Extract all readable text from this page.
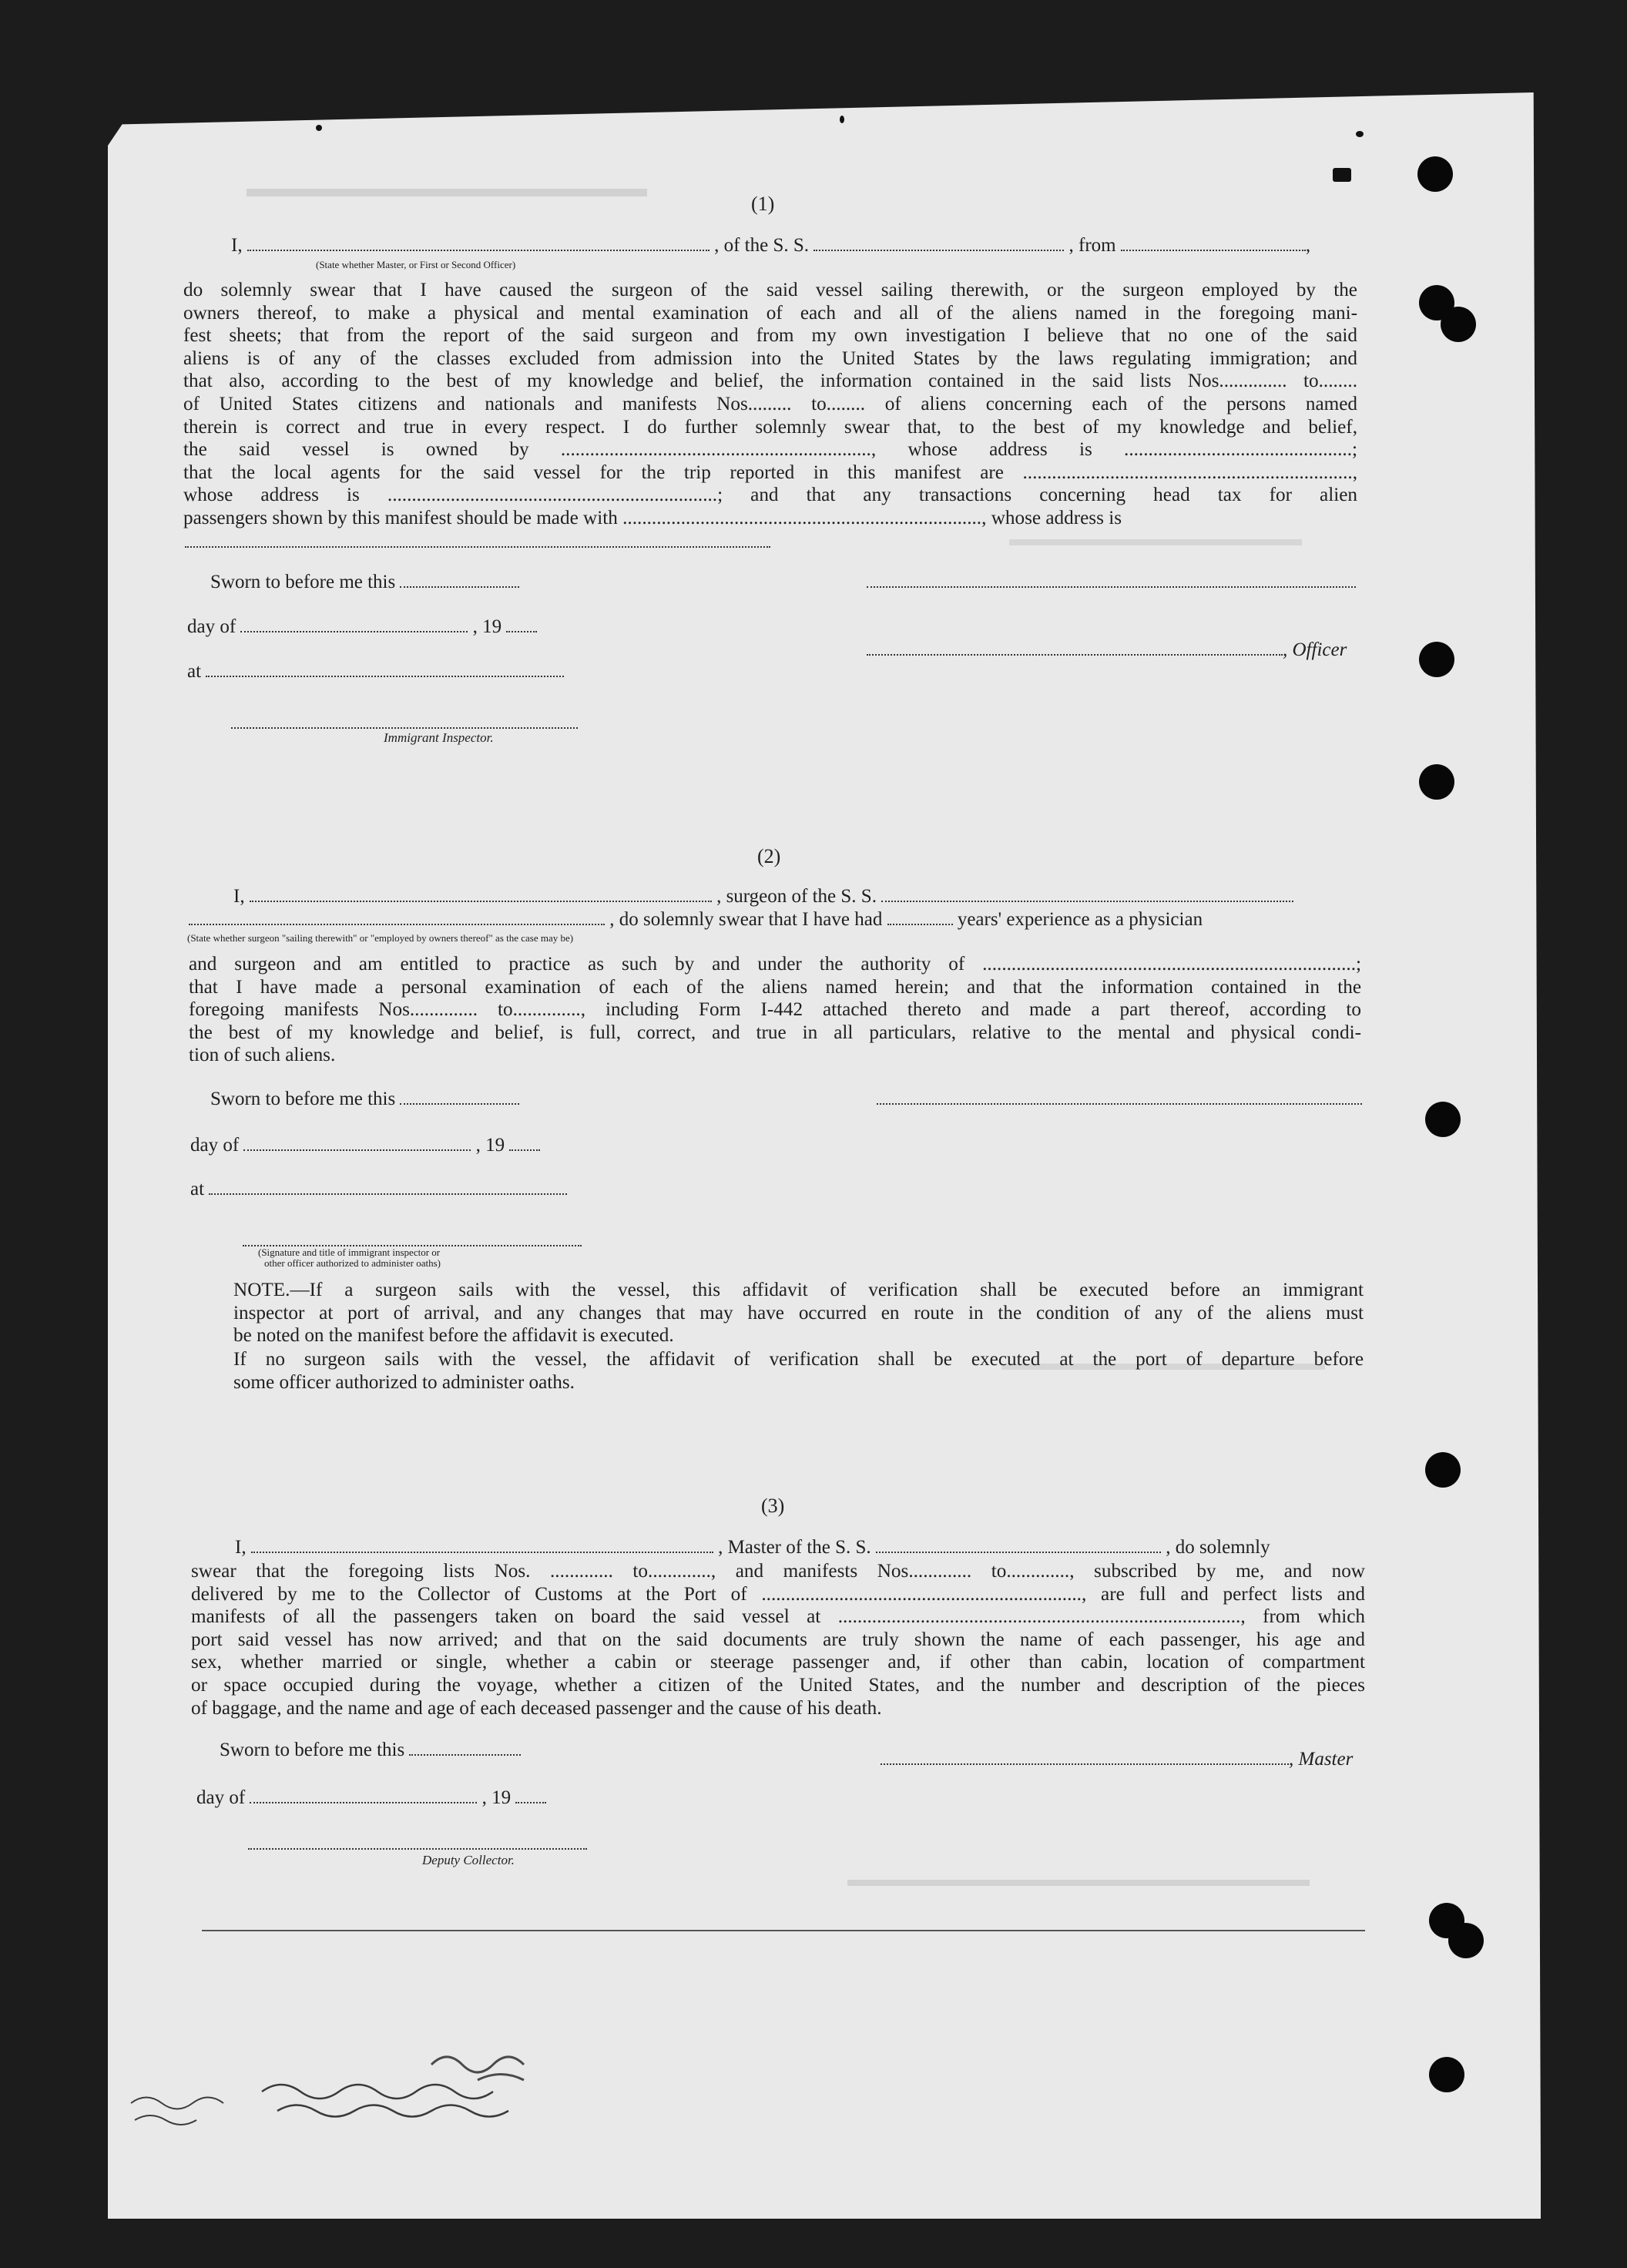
(1)
I,	, of the S. S.	, from	,
(State whether Master, or First or Second Officer)
do solemnly swear that I have caused the surgeon of the said vessel sailing therewith, or the surgeon employed by the
owners thereof, to make a physical and mental examination of each and all of the aliens named in the foregoing mani-
fest sheets; that from the report of the said surgeon and from my own investigation I believe that no one of the said
aliens is of any of the classes excluded from admission into the United States by the laws regulating immigration; and
that also, according to the best of my knowledge and belief, the information contained in the said lists Nos.............. to........
of United States citizens and nationals and manifests Nos......... to........ of aliens concerning each of the persons named
therein is correct and true in every respect. I do further solemnly swear that, to the best of my knowledge and belief,
the said vessel is owned by ................................................................, whose address is ...............................................;
that the local agents for the said vessel for the trip reported in this manifest are ....................................................................,
whose address is ....................................................................; and that any transactions concerning head tax for alien
passengers shown by this manifest should be made with .........................................................................., whose address is
Sworn to before me this
day of	, 19
, Officer
at
Immigrant Inspector.
(2)
I,	, surgeon of the S. S.
, do solemnly swear that I have had	years' experience as a physician
(State whether surgeon "sailing therewith" or "employed by owners thereof" as the case may be)
and surgeon and am entitled to practice as such by and under the authority of .............................................................................;
that I have made a personal examination of each of the aliens named herein; and that the information contained in the
foregoing manifests Nos.............. to.............., including Form I-442 attached thereto and made a part thereof, according to
the best of my knowledge and belief, is full, correct, and true in all particulars, relative to the mental and physical condi-
tion of such aliens.
Sworn to before me this
day of	, 19
at
(Signature and title of immigrant inspector or
other officer authorized to administer oaths)
NOTE.—If a surgeon sails with the vessel, this affidavit of verification shall be executed before an immigrant
inspector at port of arrival, and any changes that may have occurred en route in the condition of any of the aliens must
be noted on the manifest before the affidavit is executed.
If no surgeon sails with the vessel, the affidavit of verification shall be executed at the port of departure before
some officer authorized to administer oaths.
(3)
I,	, Master of the S. S.	, do solemnly
swear that the foregoing lists Nos. ............. to............., and manifests Nos............. to............., subscribed by me, and now
delivered by me to the Collector of Customs at the Port of .................................................................., are full and perfect lists and
manifests of all the passengers taken on board the said vessel at ..................................................................................., from which
port said vessel has now arrived; and that on the said documents are truly shown the name of each passenger, his age and
sex, whether married or single, whether a cabin or steerage passenger and, if other than cabin, location of compartment
or space occupied during the voyage, whether a citizen of the United States, and the number and description of the pieces
of baggage, and the name and age of each deceased passenger and the cause of his death.
Sworn to before me this	, Master
day of	, 19
Deputy Collector.
